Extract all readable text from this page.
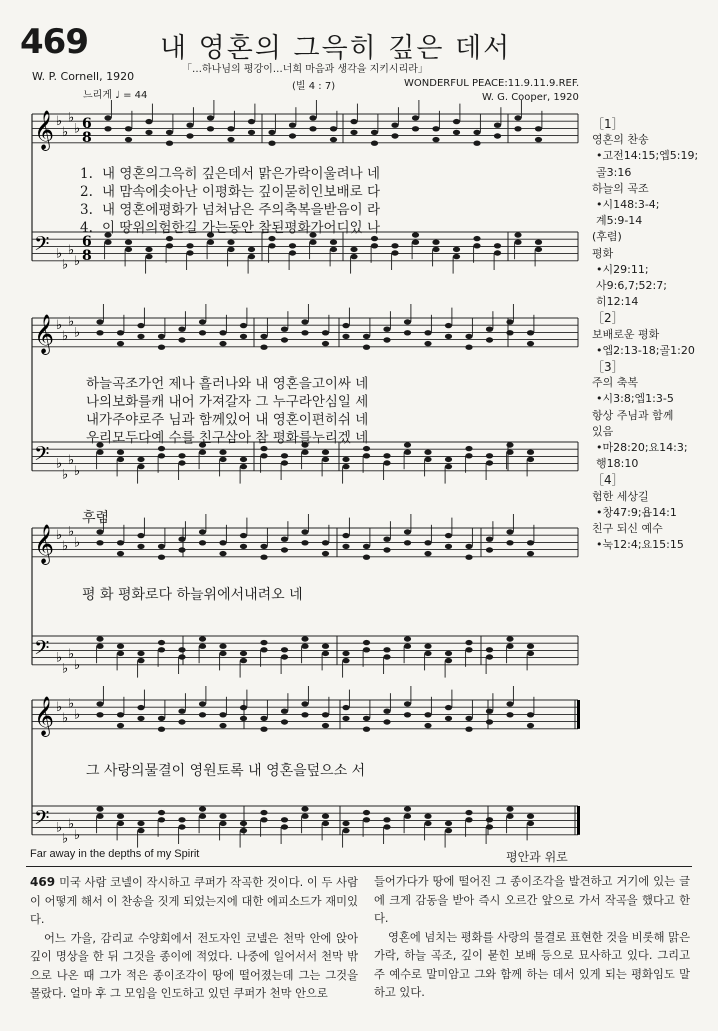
𝄞 ♭
♭
♭
♭ 6
8
𝄢 ♭
♭
♭
♭
6
8
𝄞 ♭
♭
♭
♭
𝄢 ♭
♭
♭
♭
𝄞 ♭
♭
♭
♭
𝄢 ♭
♭
♭
♭
𝄞 ♭
♭
♭
♭
𝄢 ♭
♭
♭
♭
469	내 영혼의 그윽히 깊은 데서
「…하나님의 평강이…너희 마음과 생각을 지키시리라」
(빌 4 : 7)
W. P. Cornell, 1920
느리게 ♩ = 44
WONDERFUL PEACE:11.9.11.9.REF.
W. G. Cooper, 1920
1. 내 영혼의그윽히 깊은데서 맑은가락이울려나 네
2. 내 맘속에솟아난 이평화는 깊이묻히인보배로 다
3. 내 영혼에평화가 넘쳐남은 주의축복을받음이 라
4. 이 땅위의험한길 가는동안 참된평화가어디있 나
하늘곡조가언 제나 흘러나와 내 영혼을고이싸 네
나의보화를캐 내어 가져갈자 그 누구라안심일 세
내가주야로주 님과 함께있어 내 영혼이편히쉬 네
우리모두다예 수를 친구삼아 참 평화를누리겠 네
후렴
평 화 평화로다 하늘위에서내려오 네
그 사랑의물결이 영원토록 내 영혼을덮으소 서
［1］
영혼의 찬송
•고전14:15;엡5:19;
골3:16
하늘의 곡조
•시148:3-4;
계5:9-14
(후렴)
평화
•시29:11;
사9:6,7;52:7;
히12:14
［2］
보배로운 평화
•엡2:13-18;골1:20
［3］
주의 축복
•시3:8;엡1:3-5
항상 주님과 함께
있음
•마28:20;요14:3;
행18:10
［4］
험한 세상길
•창47:9;욥14:1
친구 되신 예수
•눅12:4;요15:15
Far away in the depths of my Spirit	평안과 위로

469 미국 사람 코넬이 작시하고 쿠퍼가 작곡한 것이다. 이 두 사람이 어떻게 해서 이 찬송을 짓게 되었는지에 대한 에피소드가 재미있다.

어느 가을, 감리교 수양회에서 전도자인 코넬은 천막 안에 앉아 깊이 명상을 한 뒤 그것을 종이에 적었다. 나중에 일어서서 천막 밖으로 나온 때 그가 적은 종이조각이 땅에 떨어졌는데 그는 그것을 몰랐다. 얼마 후 그 모임을 인도하고 있던 쿠퍼가 천막 안으로

들어가다가 땅에 떨어진 그 종이조각을 발견하고 거기에 있는 글에 크게 감동을 받아 즉시 오르간 앞으로 가서 작곡을 했다고 한다.

영혼에 넘치는 평화를 사랑의 물결로 표현한 것을 비롯해 맑은 가락, 하늘 곡조, 깊이 묻힌 보배 등으로 묘사하고 있다. 그리고 주 예수로 말미암고 그와 함께 하는 데서 있게 되는 평화임도 말하고 있다.
